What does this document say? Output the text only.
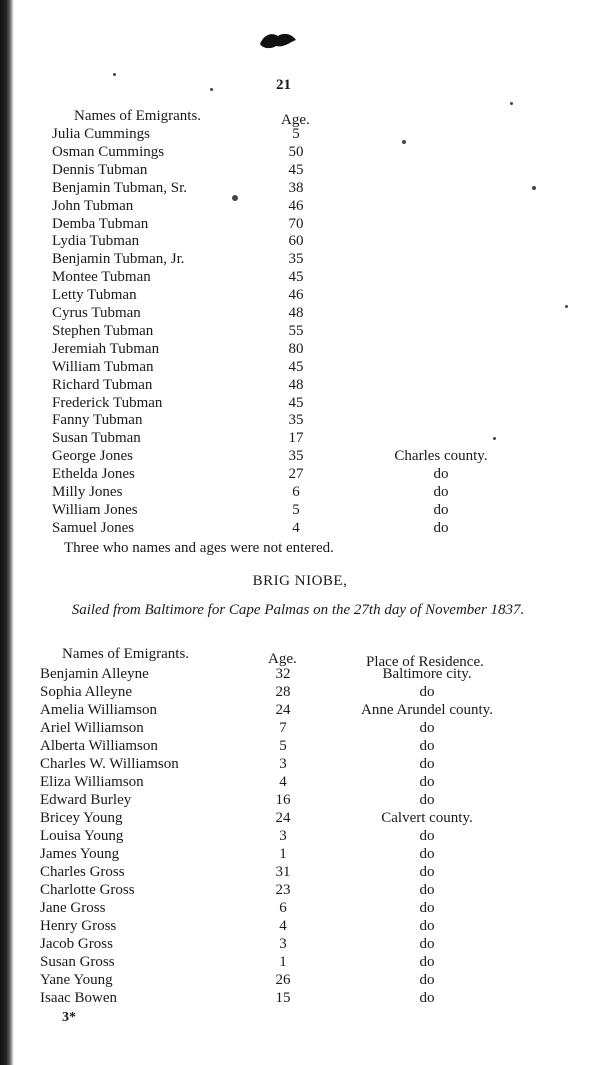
21
Names of Emigrants.	Age.
Julia Cummings	5
Osman Cummings	50
Dennis Tubman	45
Benjamin Tubman, Sr.	38
John Tubman	46
Demba Tubman	70
Lydia Tubman	60
Benjamin Tubman, Jr.	35
Montee Tubman	45
Letty Tubman	46
Cyrus Tubman	48
Stephen Tubman	55
Jeremiah Tubman	80
William Tubman	45
Richard Tubman	48
Frederick Tubman	45
Fanny Tubman	35
Susan Tubman	17
George Jones	35	Charles county.
Ethelda Jones	27	do
Milly Jones	6	do
William Jones	5	do
Samuel Jones	4	do
Three who names and ages were not entered.
BRIG NIOBE,
Sailed from Baltimore for Cape Palmas on the 27th day of November 1837.
Names of Emigrants.	Age.	Place of Residence.
Benjamin Alleyne	32	Baltimore city.
Sophia Alleyne	28	do
Amelia Williamson	24	Anne Arundel county.
Ariel Williamson	7	do
Alberta Williamson	5	do
Charles W. Williamson	3	do
Eliza Williamson	4	do
Edward Burley	16	do
Bricey Young	24	Calvert county.
Louisa Young	3	do
James Young	1	do
Charles Gross	31	do
Charlotte Gross	23	do
Jane Gross	6	do
Henry Gross	4	do
Jacob Gross	3	do
Susan Gross	1	do
Yane Young	26	do
Isaac Bowen	15	do
3*
